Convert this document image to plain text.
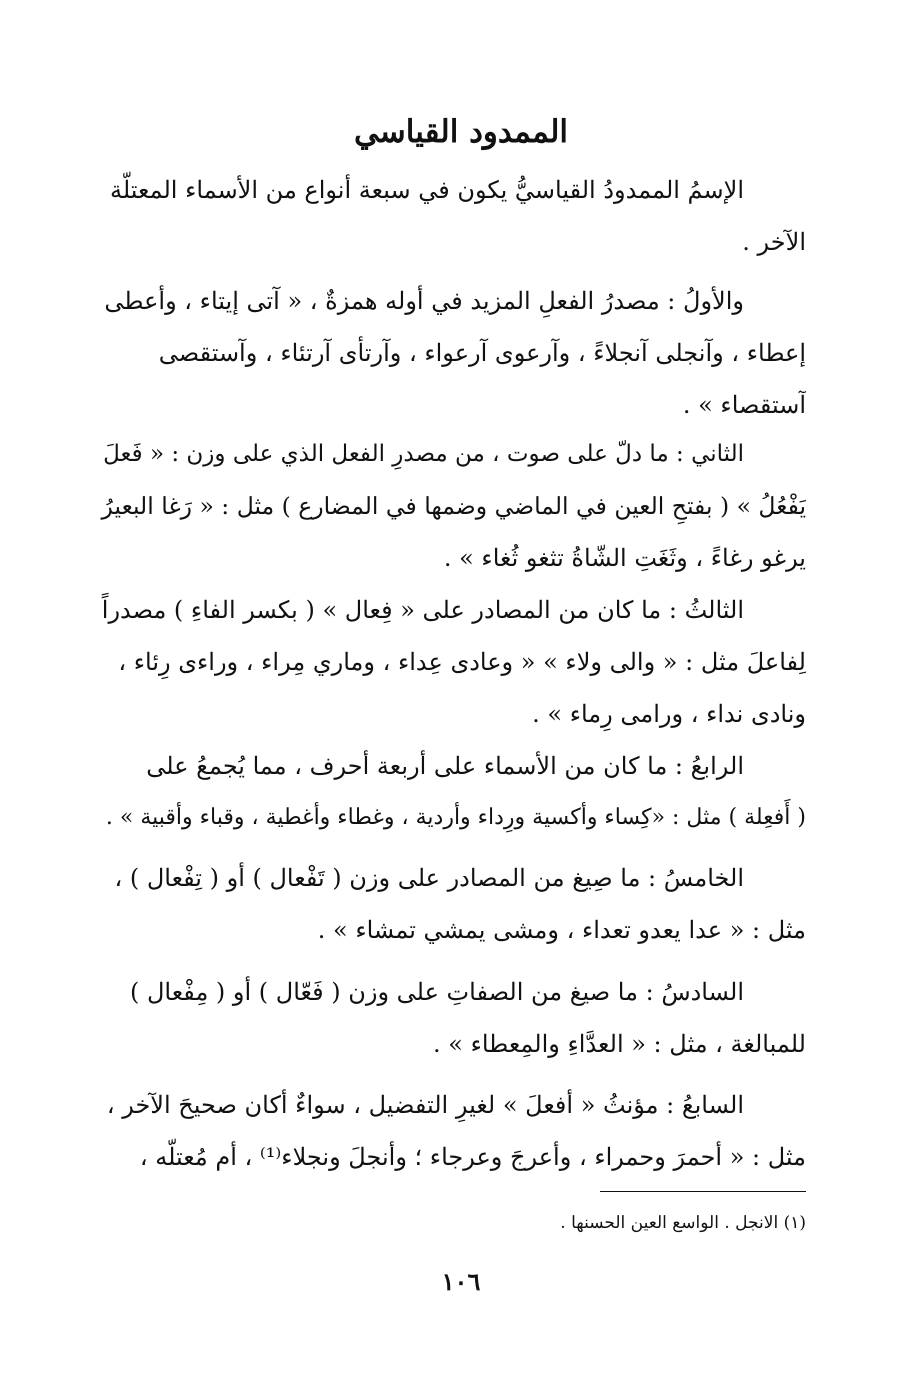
الممدود القياسي

الإسمُ الممدودُ القياسيُّ يكون في سبعة أنواع من الأسماء المعتلّة
الآخر .

والأولُ : مصدرُ الفعلِ المزيد في أوله همزةٌ ، « آتى إيتاء ، وأعطى
إعطاء ، وآنجلى آنجلاءً ، وآرعوى آرعواء ، وآرتأى آرتئاء ، وآستقصى
آستقصاء » .

الثاني : ما دلّ على صوت ، من مصدرِ الفعل الذي على وزن : « فَعلَ
يَفْعُلُ » ( بفتحِ العين في الماضي وضمها في المضارع ) مثل : « رَغا البعيرُ
يرغو رغاءً ، وثَغَتِ الشّاةُ تثغو ثُغاء » .

الثالثُ : ما كان من المصادر على « فِعال » ( بكسر الفاءِ ) مصدراً
لِفاعلَ مثل : « والى ولاء » « وعادى عِداء ، وماري مِراء ، وراءى رِئاء ،
ونادى نداء ، ورامى رِماء » .

الرابعُ : ما كان من الأسماء على أربعة أحرف ، مما يُجمعُ على
( أَفعِلة ) مثل : «كِساء وأكسية ورِداء وأردية ، وغطاء وأغطية ، وقباء وأقبية » .

الخامسُ : ما صِيغ من المصادر على وزن ( تَفْعال ) أو ( تِفْعال ) ،
مثل : « عدا يعدو تعداء ، ومشى يمشي تمشاء » .

السادسُ : ما صيغ من الصفاتِ على وزن ( فَعّال ) أو ( مِفْعال )
للمبالغة ، مثل : « العدَّاءِ والمِعطاء » .

السابعُ : مؤنثُ « أفعلَ » لغيرِ التفضيل ، سواءٌ أكان صحيحَ الآخر ،
مثل : « أحمرَ وحمراء ، وأعرجَ وعرجاء ؛ وأنجلَ ونجلاء⁽¹⁾ ، أم مُعتلّه ،

(١) الانجل . الواسع العين الحسنها .
١٠٦
